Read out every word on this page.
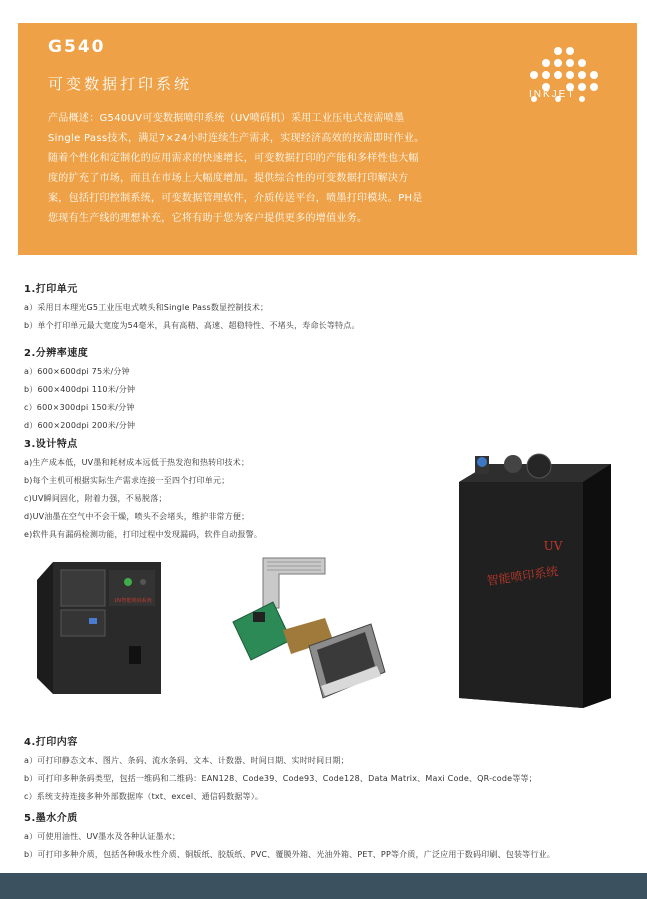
G540
可变数据打印系统

产品概述：G540UV可变数据喷印系统（UV喷码机）采用工业压电式按需喷墨

Single Pass技术，满足7×24小时连续生产需求，实现经济高效的按需即时作业。

随着个性化和定制化的应用需求的快速增长，可变数据打印的产能和多样性也大幅

度的扩充了市场，而且在市场上大幅度增加。提供综合性的可变数据打印解决方

案，包括打印控制系统，可变数据管理软件，介质传送平台，喷墨打印模块。PH是

您现有生产线的理想补充，它将有助于您为客户提供更多的增值业务。

INKJET
1.打印单元
a）采用日本理光G5工业压电式喷头和Single Pass数显控制技术；
b）单个打印单元最大宽度为54毫米，具有高精、高速、超稳特性、不堵头，寿命长等特点。
2.分辨率速度
a）600×600dpi 75米/分钟
b）600×400dpi 110米/分钟
c）600×300dpi 150米/分钟
d）600×200dpi 200米/分钟
3.设计特点
a)生产成本低，UV墨和耗材成本远低于热发泡和热转印技术；
b)每个主机可根据实际生产需求连接一至四个打印单元；
c)UV瞬间固化，附着力强，不易脱落；
d)UV油墨在空气中不会干燥，喷头不会堵头，维护非常方便；
e)软件具有漏码检测功能，打印过程中发现漏码，软件自动报警。
UV智能喷码系统
UV
智能喷印系统
4.打印内容
a）可打印静态文本、图片、条码、流水条码、文本、计数器、时间日期、实时时间日期；
b）可打印多种条码类型，包括一维码和二维码：EAN128、Code39、Code93、Code128、Data Matrix、Maxi Code、QR-code等等；
c）系统支持连接多种外部数据库（txt、excel、通信码数据等）。
5.墨水介质
a）可使用油性、UV墨水及各种认证墨水；
b）可打印多种介质，包括各种吸水性介质、铜版纸、胶版纸、PVC、覆膜外箱、光油外箱、PET、PP等介质，广泛应用于数码印刷、包装等行业。
